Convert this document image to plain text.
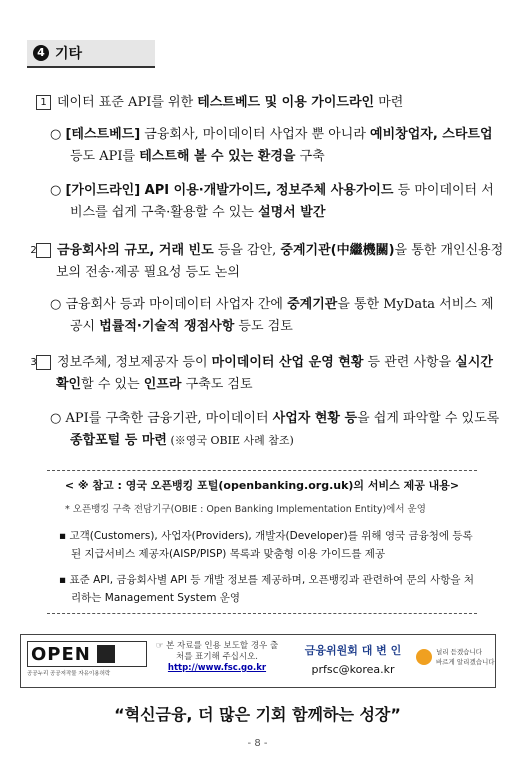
4 기타
1 데이터 표준 API를 위한 테스트베드 및 이용 가이드라인 마련
○ [테스트베드] 금융회사, 마이데이터 사업자 뿐 아니라 예비창업자, 스타트업 등도 API를 테스트해 볼 수 있는 환경을 구축
○ [가이드라인] API 이용·개발가이드, 정보주체 사용가이드 등 마이데이터 서비스를 쉽게 구축·활용할 수 있는 설명서 발간
2 금융회사의 규모, 거래 빈도 등을 감안, 중계기관(中繼機關)을 통한 개인신용정보의 전송·제공 필요성 등도 논의
○ 금융회사 등과 마이데이터 사업자 간에 중계기관을 통한 MyData 서비스 제공시 법률적·기술적 쟁점사항 등도 검토
3 정보주체, 정보제공자 등이 마이데이터 산업 운영 현황 등 관련 사항을 실시간 확인할 수 있는 인프라 구축도 검토
○ API를 구축한 금융기관, 마이데이터 사업자 현황 등을 쉽게 파악할 수 있도록 종합포털 등 마련 (※영국 OBIE 사례 참조)
< ※ 참고 : 영국 오픈뱅킹 포털(openbanking.org.uk)의 서비스 제공 내용>
* 오픈뱅킹 구축 전담기구(OBIE : Open Banking Implementation Entity)에서 운영
▪ 고객(Customers), 사업자(Providers), 개발자(Developer)를 위해 영국 금융청에 등록된 지급서비스 제공자(AISP/PISP) 목록과 맞춤형 이용 가이드를 제공
▪ 표준 API, 금융회사별 API 등 개발 정보를 제공하며, 오픈뱅킹과 관련하여 문의 사항을 처리하는 Management System 운영
OPEN
공공누리 공공저작물 자유이용허락
☞ 본 자료를 인용 보도할 경우 출처를 표기해 주십시오.
http://www.fsc.go.kr
금융위원회 대 변 인
prfsc@korea.kr
널리 듣겠습니다
바르게 알리겠습니다
“혁신금융, 더 많은 기회 함께하는 성장”
- 8 -
